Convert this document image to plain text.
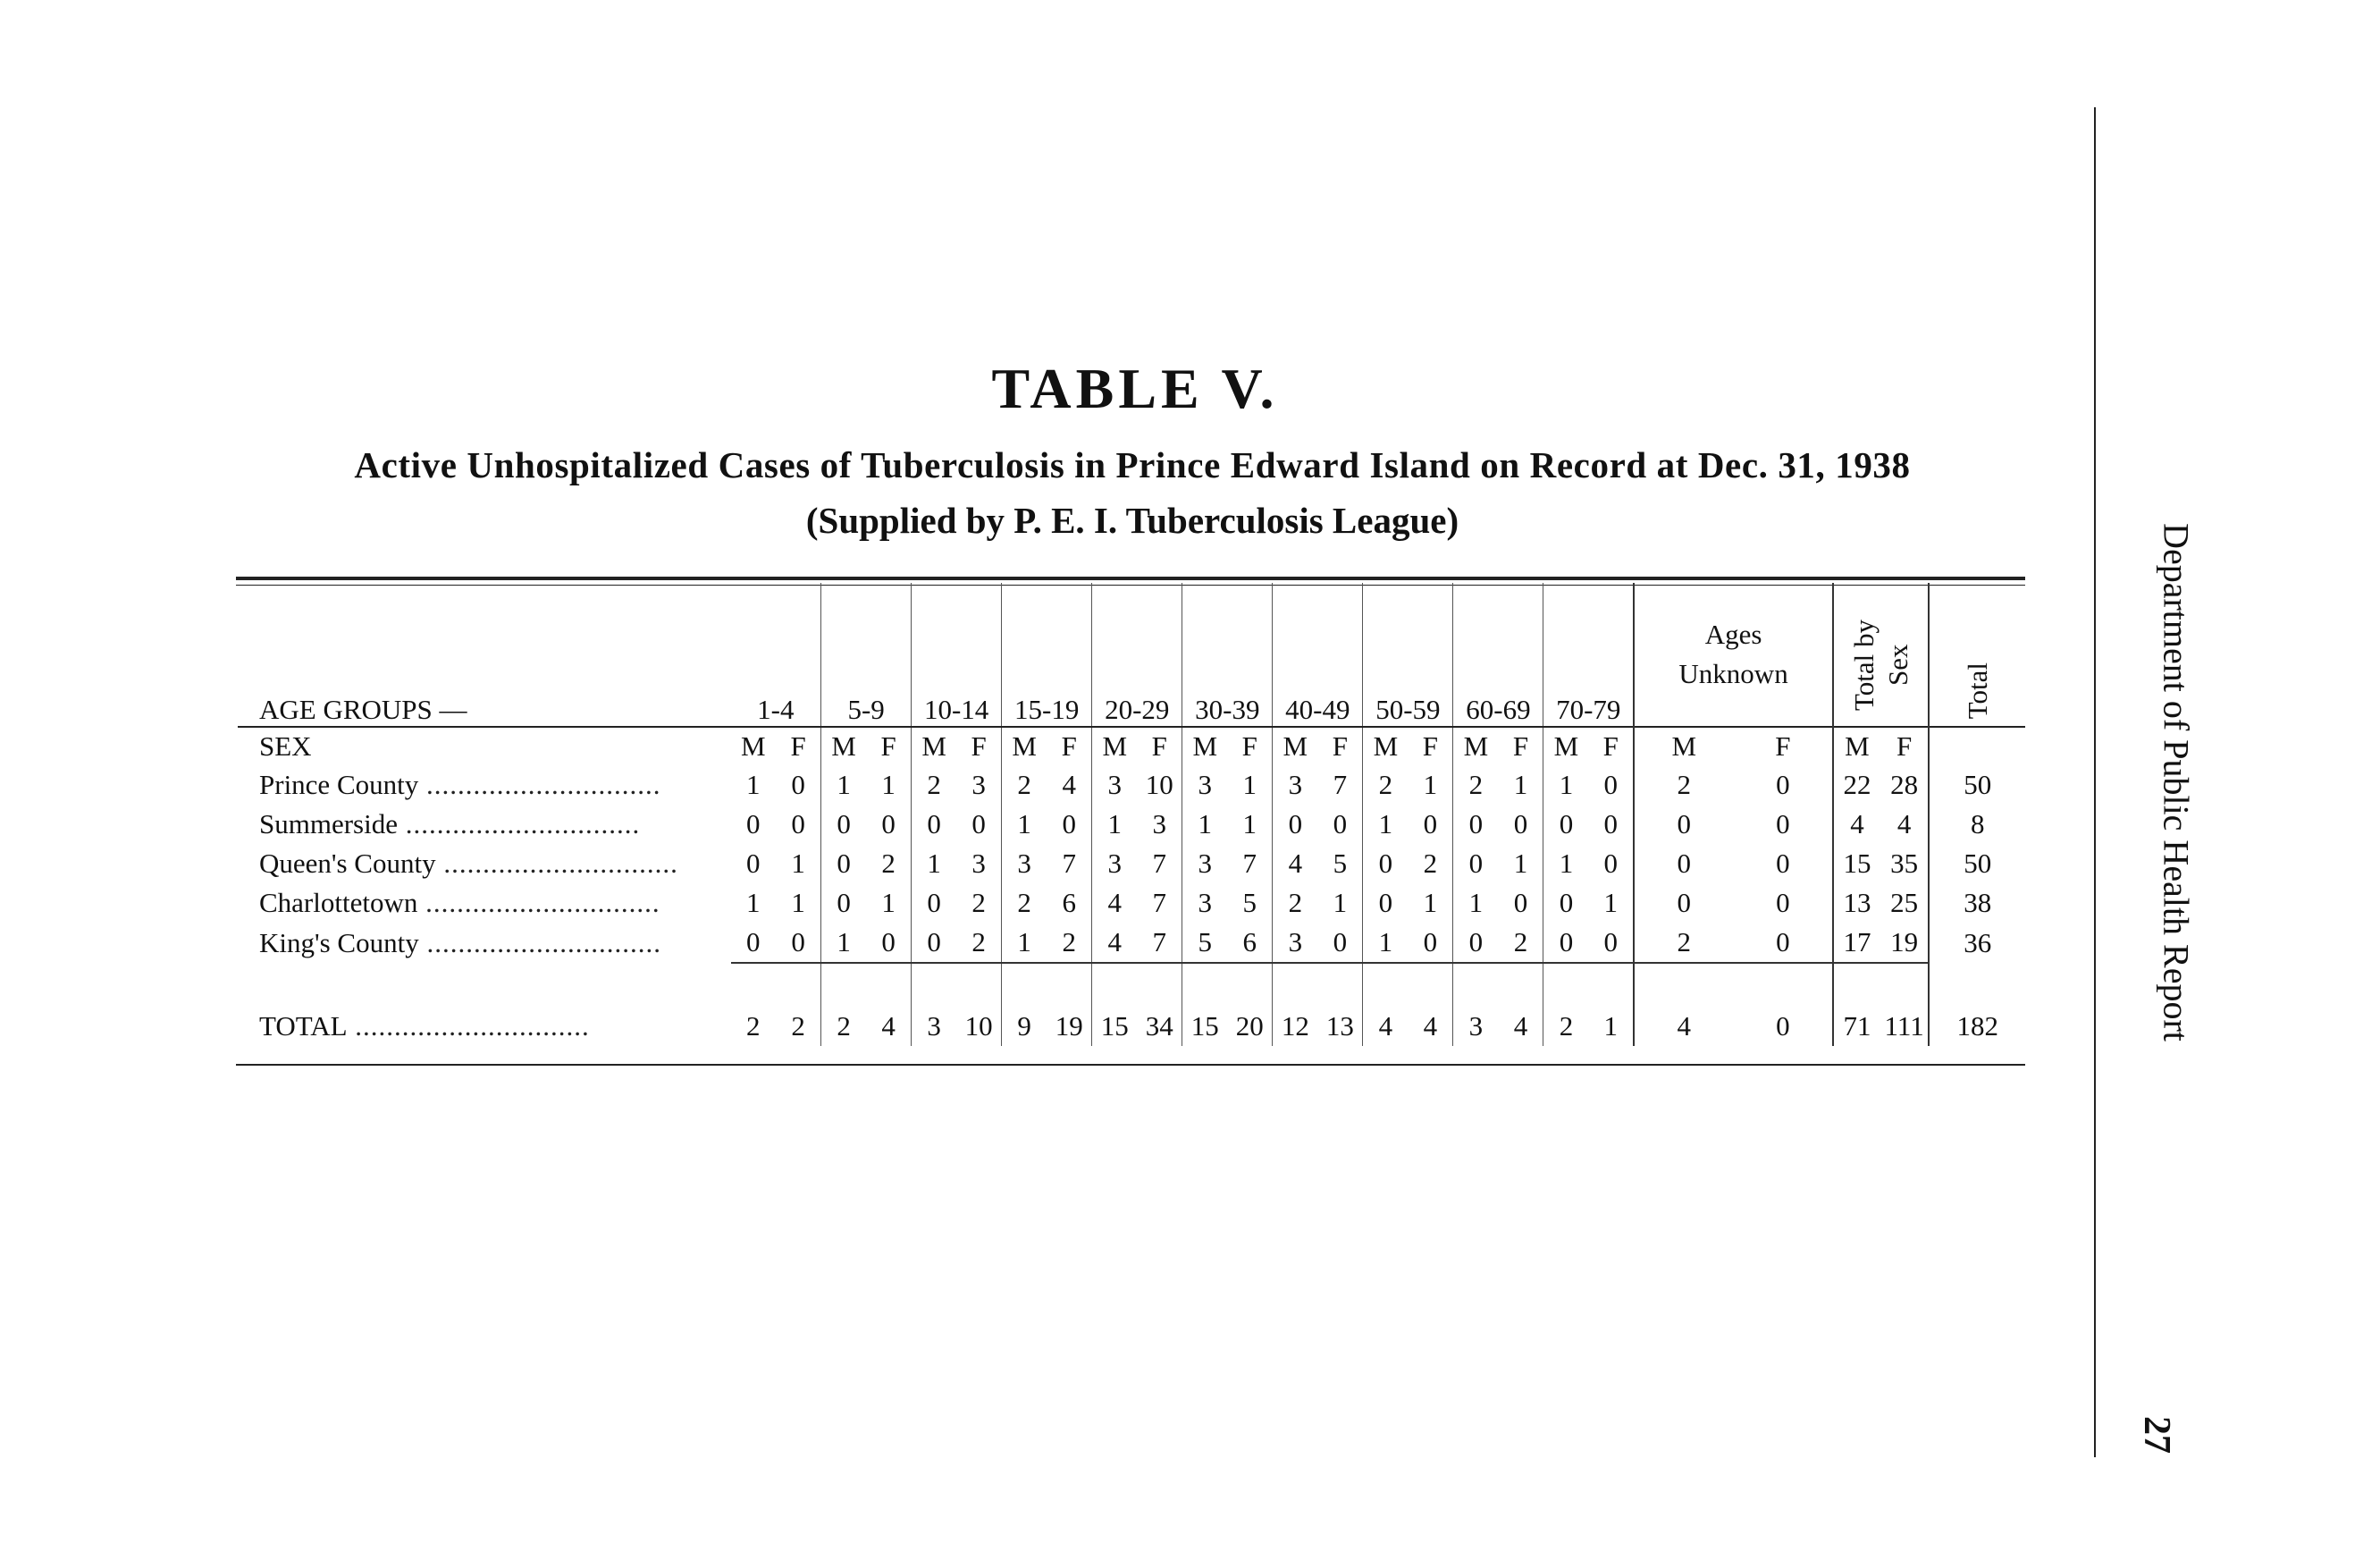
TABLE V.
Active Unhospitalized Cases of Tuberculosis in Prince Edward Island on Record at Dec. 31, 1938
(Supplied by P. E. I. Tuberculosis League)
Department of Public Health Report
27
AGE GROUPS —	1-4		5-9		10-14		15-19		20-29		30-39		40-49		50-59		60-69		70-79		Ages Unknown		Total by Sex		Total
SEX	M	F	M	F	M	F	M	F	M	F	M	F	M	F	M	F	M	F	M	F	M	F	M	F	
Prince County ..............................	1	0	1	1	2	3	2	4	3	10	3	1	3	7	2	1	2	1	1	0	2	0	22	28	50
Summerside ..............................	0	0	0	0	0	0	1	0	1	3	1	1	0	0	1	0	0	0	0	0	0	0	4	4	8
Queen's County ..............................	0	1	0	2	1	3	3	7	3	7	3	7	4	5	0	2	0	1	1	0	0	0	15	35	50
Charlottetown ..............................	1	1	0	1	0	2	2	6	4	7	3	5	2	1	0	1	1	0	0	1	0	0	13	25	38
King's County ..............................	0	0	1	0	0	2	1	2	4	7	5	6	3	0	1	0	0	2	0	0	2	0	17	19	36

TOTAL ..............................	2	2	2	4	3	10	9	19	15	34	15	20	12	13	4	4	3	4	2	1	4	0	71	111	182
